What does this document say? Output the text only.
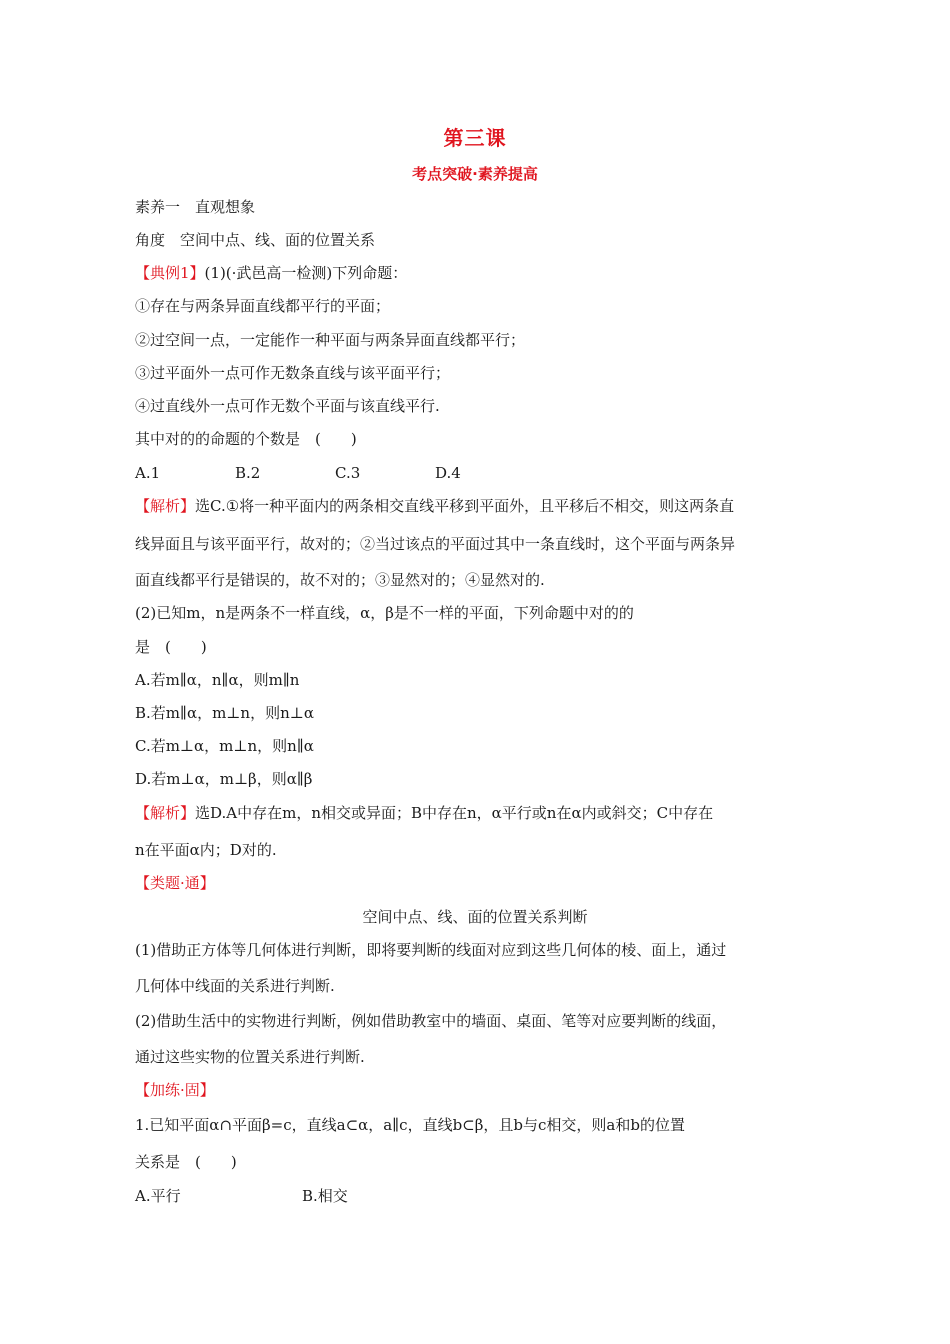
第三课
考点突破·素养提高
素养一　直观想象
角度　空间中点、线、面的位置关系
【典例1】(1)(·武邑高一检测)下列命题：
①存在与两条异面直线都平行的平面；
②过空间一点，一定能作一种平面与两条异面直线都平行；
③过平面外一点可作无数条直线与该平面平行；
④过直线外一点可作无数个平面与该直线平行.
其中对的的命题的个数是　(　　)
A.1	B.2	C.3	D.4
【解析】选C.①将一种平面内的两条相交直线平移到平面外，且平移后不相交，则这两条直
线异面且与该平面平行，故对的；②当过该点的平面过其中一条直线时，这个平面与两条异
面直线都平行是错误的，故不对的；③显然对的；④显然对的.
(2)已知m，n是两条不一样直线，α，β是不一样的平面，下列命题中对的的
是　(　　)
A.若m∥α，n∥α，则m∥n
B.若m∥α，m⊥n，则n⊥α
C.若m⊥α，m⊥n，则n∥α
D.若m⊥α，m⊥β，则α∥β
【解析】选D.A中存在m，n相交或异面；B中存在n，α平行或n在α内或斜交；C中存在
n在平面α内；D对的.
【类题·通】
空间中点、线、面的位置关系判断
(1)借助正方体等几何体进行判断，即将要判断的线面对应到这些几何体的棱、面上，通过
几何体中线面的关系进行判断.
(2)借助生活中的实物进行判断，例如借助教室中的墙面、桌面、笔等对应要判断的线面，
通过这些实物的位置关系进行判断.
【加练·固】
1.已知平面α∩平面β=c，直线a⊂α，a∥c，直线b⊂β，且b与c相交，则a和b的位置
关系是　(　　)
A.平行	B.相交
